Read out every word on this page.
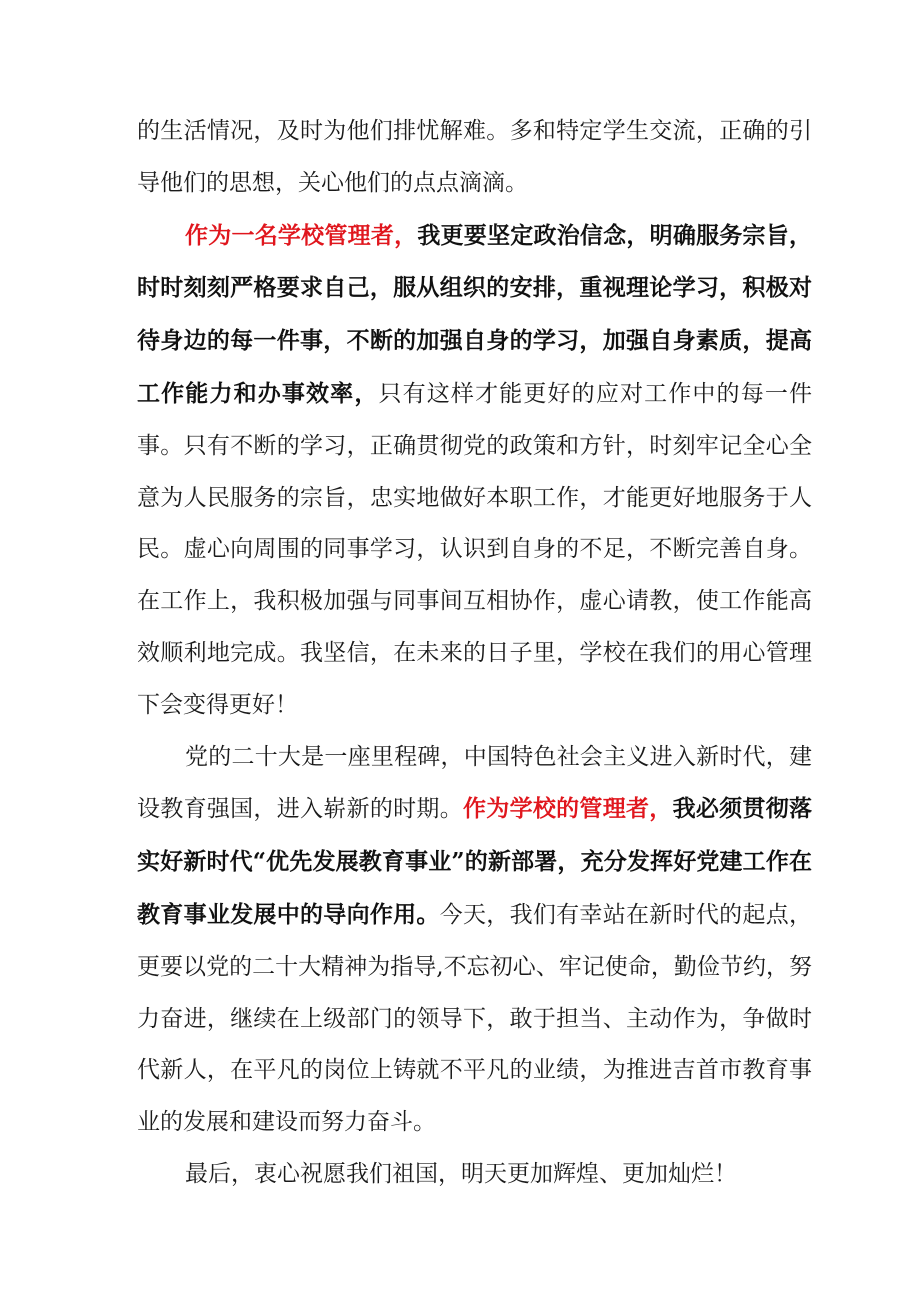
的生活情况，及时为他们排忧解难。多和特定学生交流，正确的引导他们的思想，关心他们的点点滴滴。

作为一名学校管理者，我更要坚定政治信念，明确服务宗旨，时时刻刻严格要求自己，服从组织的安排，重视理论学习，积极对待身边的每一件事，不断的加强自身的学习，加强自身素质，提高工作能力和办事效率，只有这样才能更好的应对工作中的每一件事。只有不断的学习，正确贯彻党的政策和方针，时刻牢记全心全意为人民服务的宗旨，忠实地做好本职工作，才能更好地服务于人民。虚心向周围的同事学习，认识到自身的不足，不断完善自身。在工作上，我积极加强与同事间互相协作，虚心请教，使工作能高效顺利地完成。我坚信，在未来的日子里，学校在我们的用心管理下会变得更好！

党的二十大是一座里程碑，中国特色社会主义进入新时代，建设教育强国，进入崭新的时期。作为学校的管理者，我必须贯彻落实好新时代“优先发展教育事业”的新部署，充分发挥好党建工作在教育事业发展中的导向作用。今天，我们有幸站在新时代的起点，更要以党的二十大精神为指导,不忘初心、牢记使命，勤俭节约，努力奋进，继续在上级部门的领导下，敢于担当、主动作为，争做时代新人，在平凡的岗位上铸就不平凡的业绩，为推进吉首市教育事业的发展和建设而努力奋斗。

最后，衷心祝愿我们祖国，明天更加辉煌、更加灿烂！
